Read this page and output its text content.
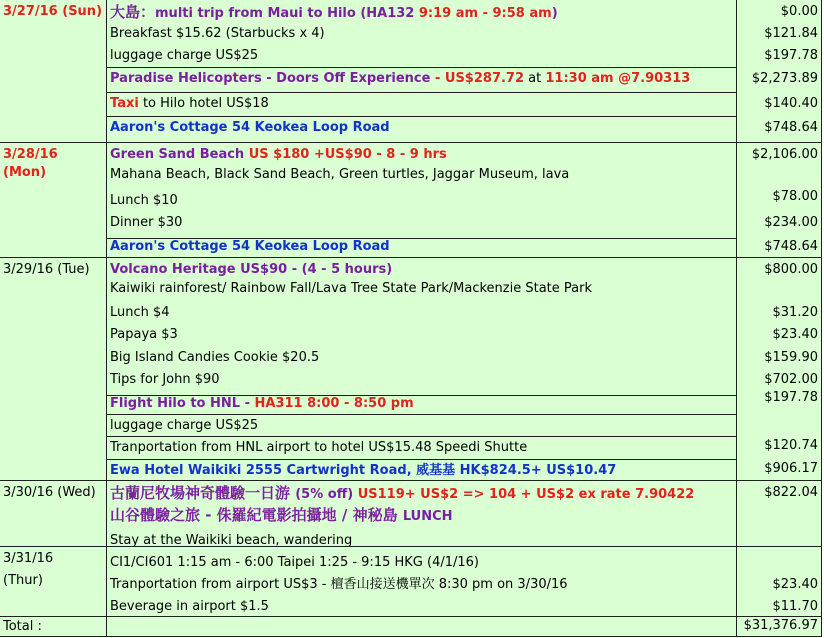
3/27/16 (Sun) 大島：multi trip from Maui to Hilo (HA132 9:19 am - 9:58 am)
Breakfast $15.62 (Starbucks x 4)
luggage charge US$25
Paradise Helicopters - Doors Off Experience - US$287.72 at 11:30 am @7.90313
Taxi to Hilo hotel US$18
Aaron's Cottage 54 Keokea Loop Road
$0.00
$121.84
$197.78
$2,273.89
$140.40
$748.64
3/28/16
(Mon)
Green Sand Beach US $180 +US$90 - 8 - 9 hrs
Mahana Beach, Black Sand Beach, Green turtles, Jaggar Museum, lava
Lunch $10
Dinner $30
Aaron's Cottage 54 Keokea Loop Road
$2,106.00
$78.00
$234.00
$748.64
3/29/16 (Tue) Volcano Heritage US$90 - (4 - 5 hours)
Kaiwiki rainforest/ Rainbow Fall/Lava Tree State Park/Mackenzie State Park
Lunch $4
Papaya $3
Big Island Candies Cookie $20.5
Tips for John $90
Flight Hilo to HNL - HA311 8:00 - 8:50 pm
luggage charge US$25
Tranportation from HNL airport to hotel US$15.48 Speedi Shutte
Ewa Hotel Waikiki 2555 Cartwright Road, 威基基 HK$824.5+ US$10.47
$800.00
$31.20
$23.40
$159.90
$702.00
$197.78
$120.74
$906.17
3/30/16 (Wed) 古蘭尼牧場神奇體驗一日游 (5% off) US119+ US$2 => 104 + US$2 ex rate 7.90422
山谷體驗之旅 - 侏羅紀電影拍攝地 / 神秘島 LUNCH
Stay at the Waikiki beach, wandering
$822.04
3/31/16
(Thur)
CI1/CI601 1:15 am - 6:00 Taipei 1:25 - 9:15 HKG (4/1/16)
Tranportation from airport US$3 - 檀香山接送機單次 8:30 pm on 3/30/16
Beverage in airport $1.5
$23.40
$11.70
Total :	$31,376.97
